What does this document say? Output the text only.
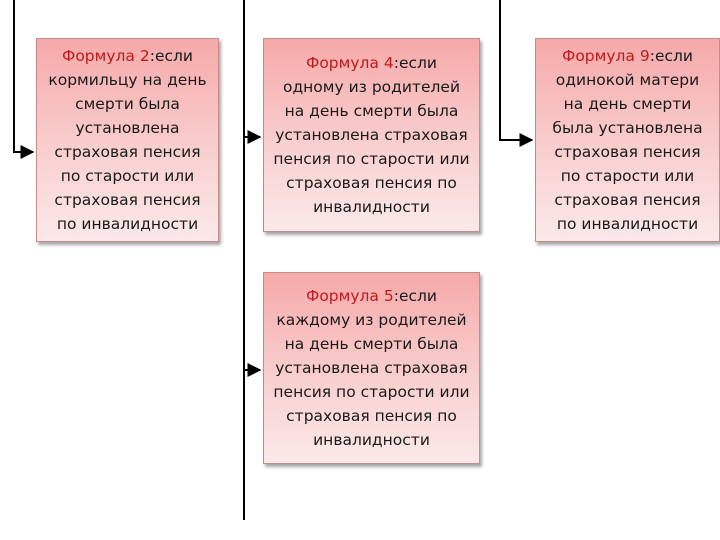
Формула 2:если
кормильцу на день
смерти была
установлена
страховая пенсия
по старости или
страховая пенсия
по инвалидности
Формула 4:если
одному из родителей
на день смерти была
установлена страховая
пенсия по старости или
страховая пенсия по
инвалидности
Формула 9:если
одинокой матери
на день смерти
была установлена
страховая пенсия
по старости или
страховая пенсия
по инвалидности
Формула 5:если
каждому из родителей
на день смерти была
установлена страховая
пенсия по старости или
страховая пенсия по
инвалидности
